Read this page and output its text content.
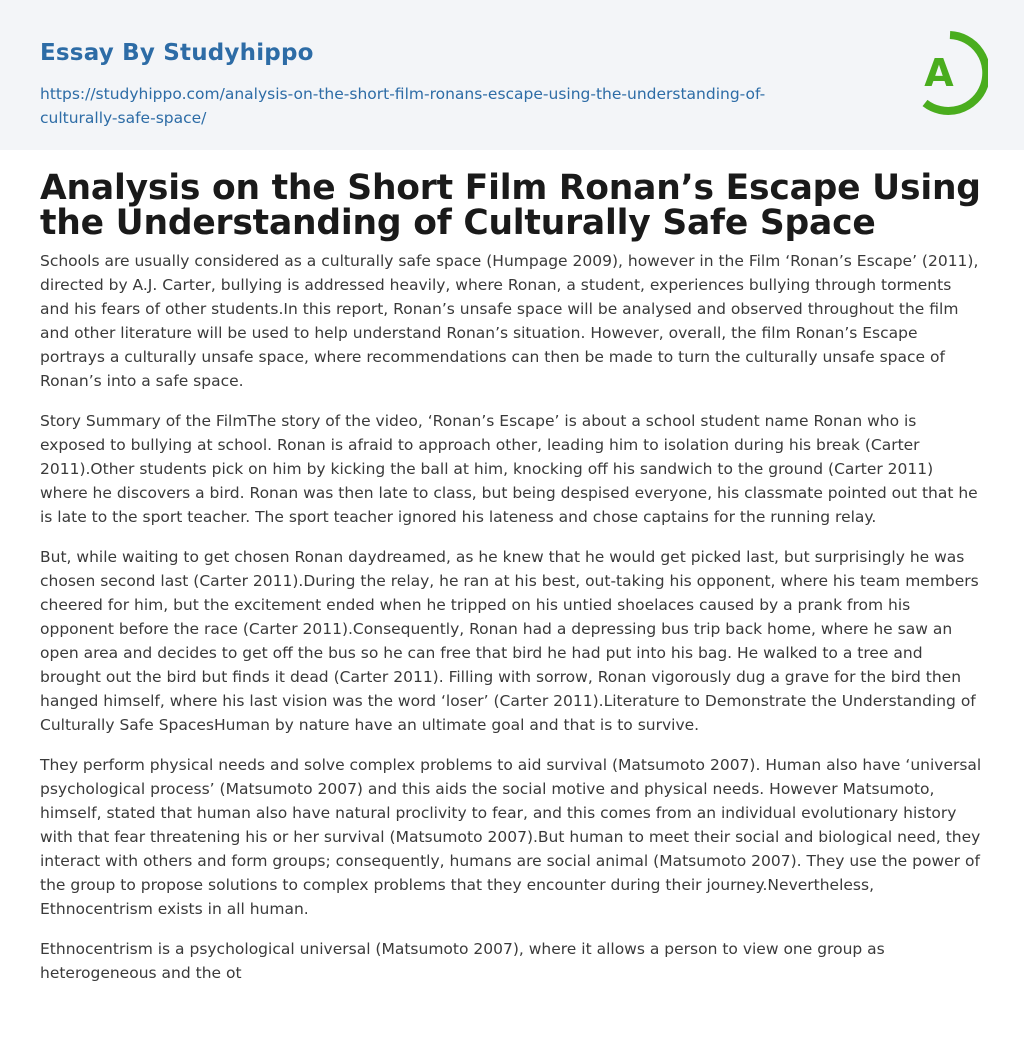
Essay By Studyhippo
https://studyhippo.com/analysis-on-the-short-film-ronans-escape-using-the-understanding-of-culturally-safe-space/
A
Analysis on the Short Film Ronan’s Escape Using the Understanding of Culturally Safe Space

Schools are usually considered as a culturally safe space (Humpage 2009), however in the Film ‘Ronan’s Escape’ (2011), directed by A.J. Carter, bullying is addressed heavily, where Ronan, a student, experiences bullying through torments and his fears of other students.In this report, Ronan’s unsafe space will be analysed and observed throughout the film and other literature will be used to help understand Ronan’s situation. However, overall, the film Ronan’s Escape portrays a culturally unsafe space, where recommendations can then be made to turn the culturally unsafe space of Ronan’s into a safe space.

Story Summary of the FilmThe story of the video, ‘Ronan’s Escape’ is about a school student name Ronan who is exposed to bullying at school. Ronan is afraid to approach other, leading him to isolation during his break (Carter 2011).Other students pick on him by kicking the ball at him, knocking off his sandwich to the ground (Carter 2011) where he discovers a bird. Ronan was then late to class, but being despised everyone, his classmate pointed out that he is late to the sport teacher. The sport teacher ignored his lateness and chose captains for the running relay.

But, while waiting to get chosen Ronan daydreamed, as he knew that he would get picked last, but surprisingly he was chosen second last (Carter 2011).During the relay, he ran at his best, out-taking his opponent, where his team members cheered for him, but the excitement ended when he tripped on his untied shoelaces caused by a prank from his opponent before the race (Carter 2011).Consequently, Ronan had a depressing bus trip back home, where he saw an open area and decides to get off the bus so he can free that bird he had put into his bag. He walked to a tree and brought out the bird but finds it dead (Carter 2011). Filling with sorrow, Ronan vigorously dug a grave for the bird then hanged himself, where his last vision was the word ‘loser’ (Carter 2011).Literature to Demonstrate the Understanding of Culturally Safe SpacesHuman by nature have an ultimate goal and that is to survive.

They perform physical needs and solve complex problems to aid survival (Matsumoto 2007). Human also have ‘universal psychological process’ (Matsumoto 2007) and this aids the social motive and physical needs. However Matsumoto, himself, stated that human also have natural proclivity to fear, and this comes from an individual evolutionary history with that fear threatening his or her survival (Matsumoto 2007).But human to meet their social and biological need, they interact with others and form groups; consequently, humans are social animal (Matsumoto 2007). They use the power of the group to propose solutions to complex problems that they encounter during their journey.Nevertheless, Ethnocentrism exists in all human.

Ethnocentrism is a psychological universal (Matsumoto 2007), where it allows a person to view one group as heterogeneous and the ot
